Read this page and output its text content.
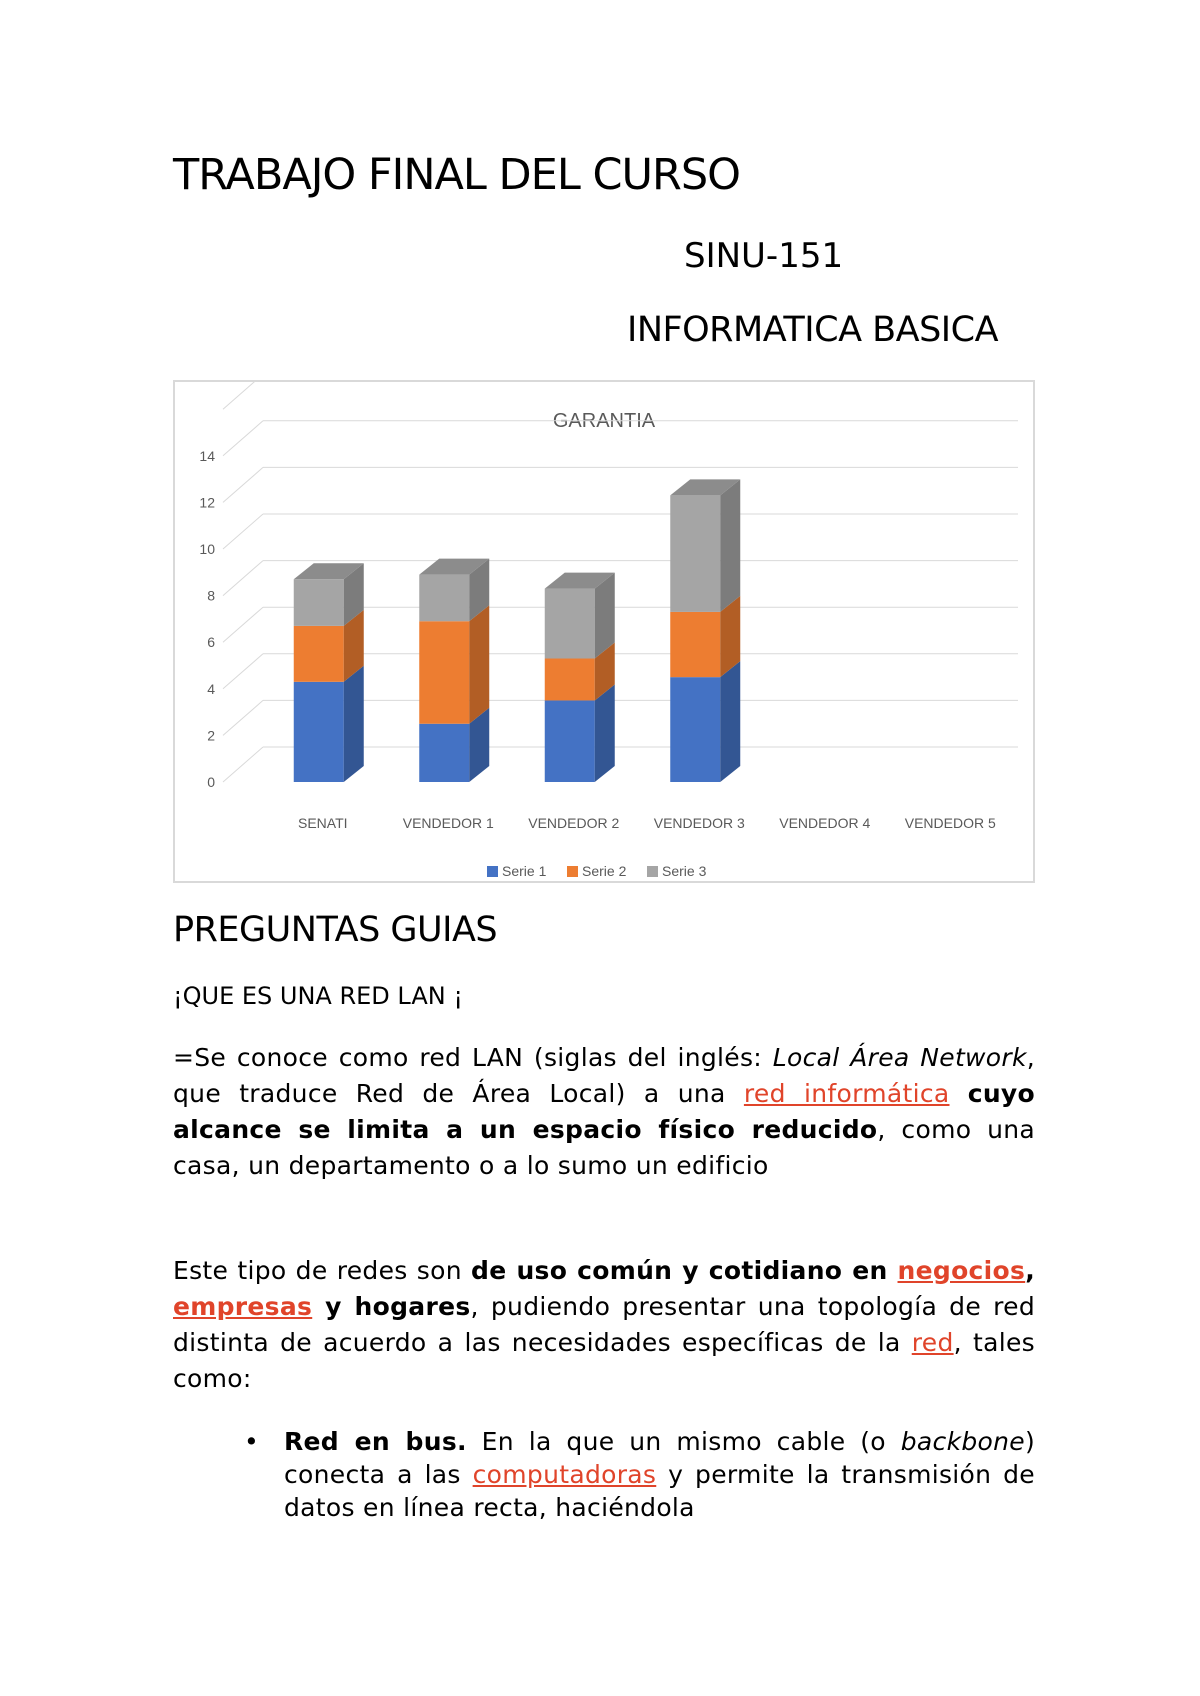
TRABAJO FINAL DEL CURSO
SINU-151
INFORMATICA BASICA
GARANTIA
0
2
4
6
8
10
12
14
SENATI	VENDEDOR 1 VENDEDOR 2 VENDEDOR 3 VENDEDOR 4 VENDEDOR 5
Serie 1	Serie 2	Serie 3
PREGUNTAS GUIAS
¡QUE ES UNA RED LAN ¡

=Se conoce como red LAN (siglas del inglés: Local Área Network, que traduce Red de Área Local) a una red informática cuyo alcance se limita a un espacio físico reducido, como una casa, un departamento o a lo sumo un edificio

Este tipo de redes son de uso común y cotidiano en negocios, empresas y hogares, pudiendo presentar una topología de red distinta de acuerdo a las necesidades específicas de la red, tales como:

• Red en bus. En la que un mismo cable (o backbone) conecta a las computadoras y permite la transmisión de datos en línea recta, haciéndola
